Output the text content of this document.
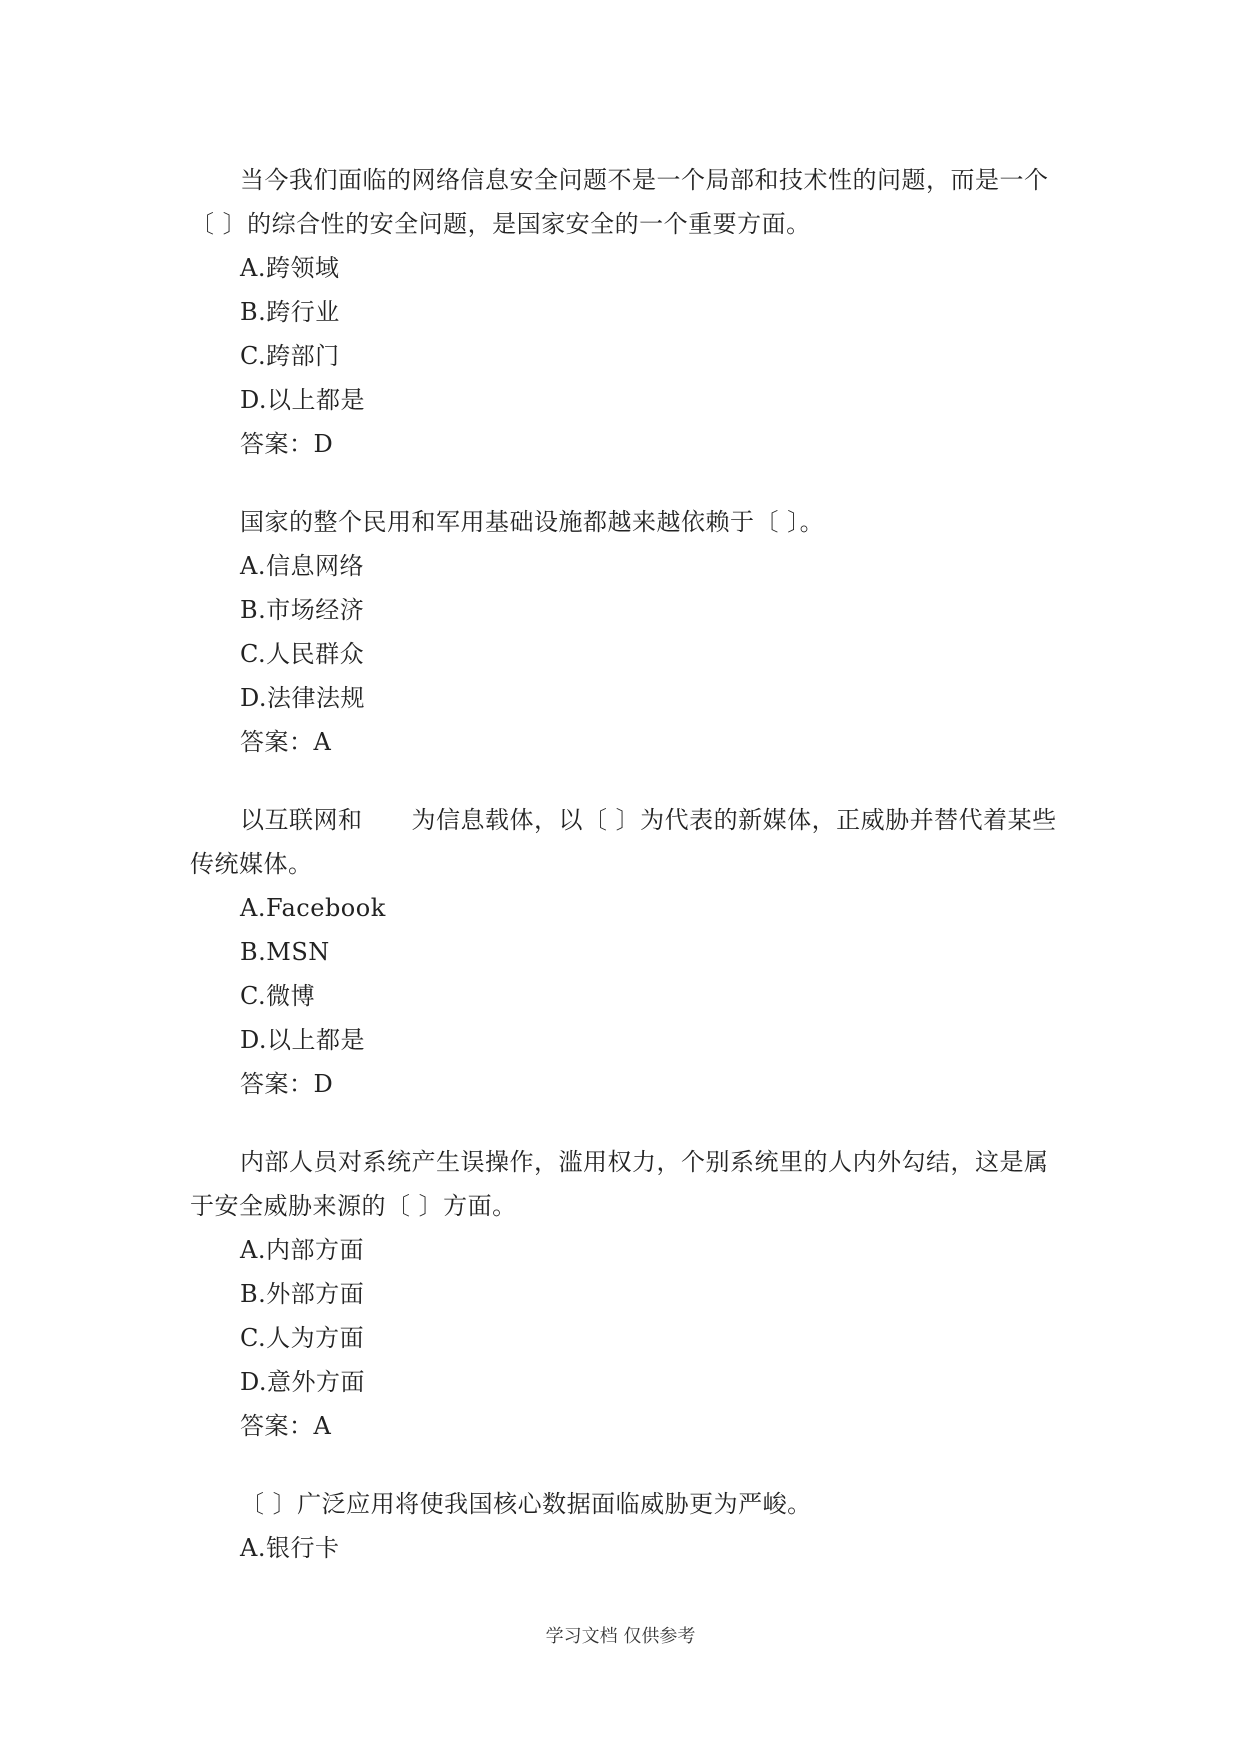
当今我们面临的网络信息安全问题不是一个局部和技术性的问题，而是一个〔 〕的综合性的安全问题，是国家安全的一个重要方面。

A.跨领域

B.跨行业

C.跨部门

D.以上都是

答案：D

国家的整个民用和军用基础设施都越来越依赖于〔 〕。

A.信息网络

B.市场经济

C.人民群众

D.法律法规

答案：A

以互联网和　　为信息载体，以〔 〕为代表的新媒体，正威胁并替代着某些传统媒体。

A.Facebook

B.MSN

C.微博

D.以上都是

答案：D

内部人员对系统产生误操作，滥用权力，个别系统里的人内外勾结，这是属于安全威胁来源的〔 〕方面。

A.内部方面

B.外部方面

C.人为方面

D.意外方面

答案：A

〔 〕广泛应用将使我国核心数据面临威胁更为严峻。

A.银行卡

学习文档 仅供参考
